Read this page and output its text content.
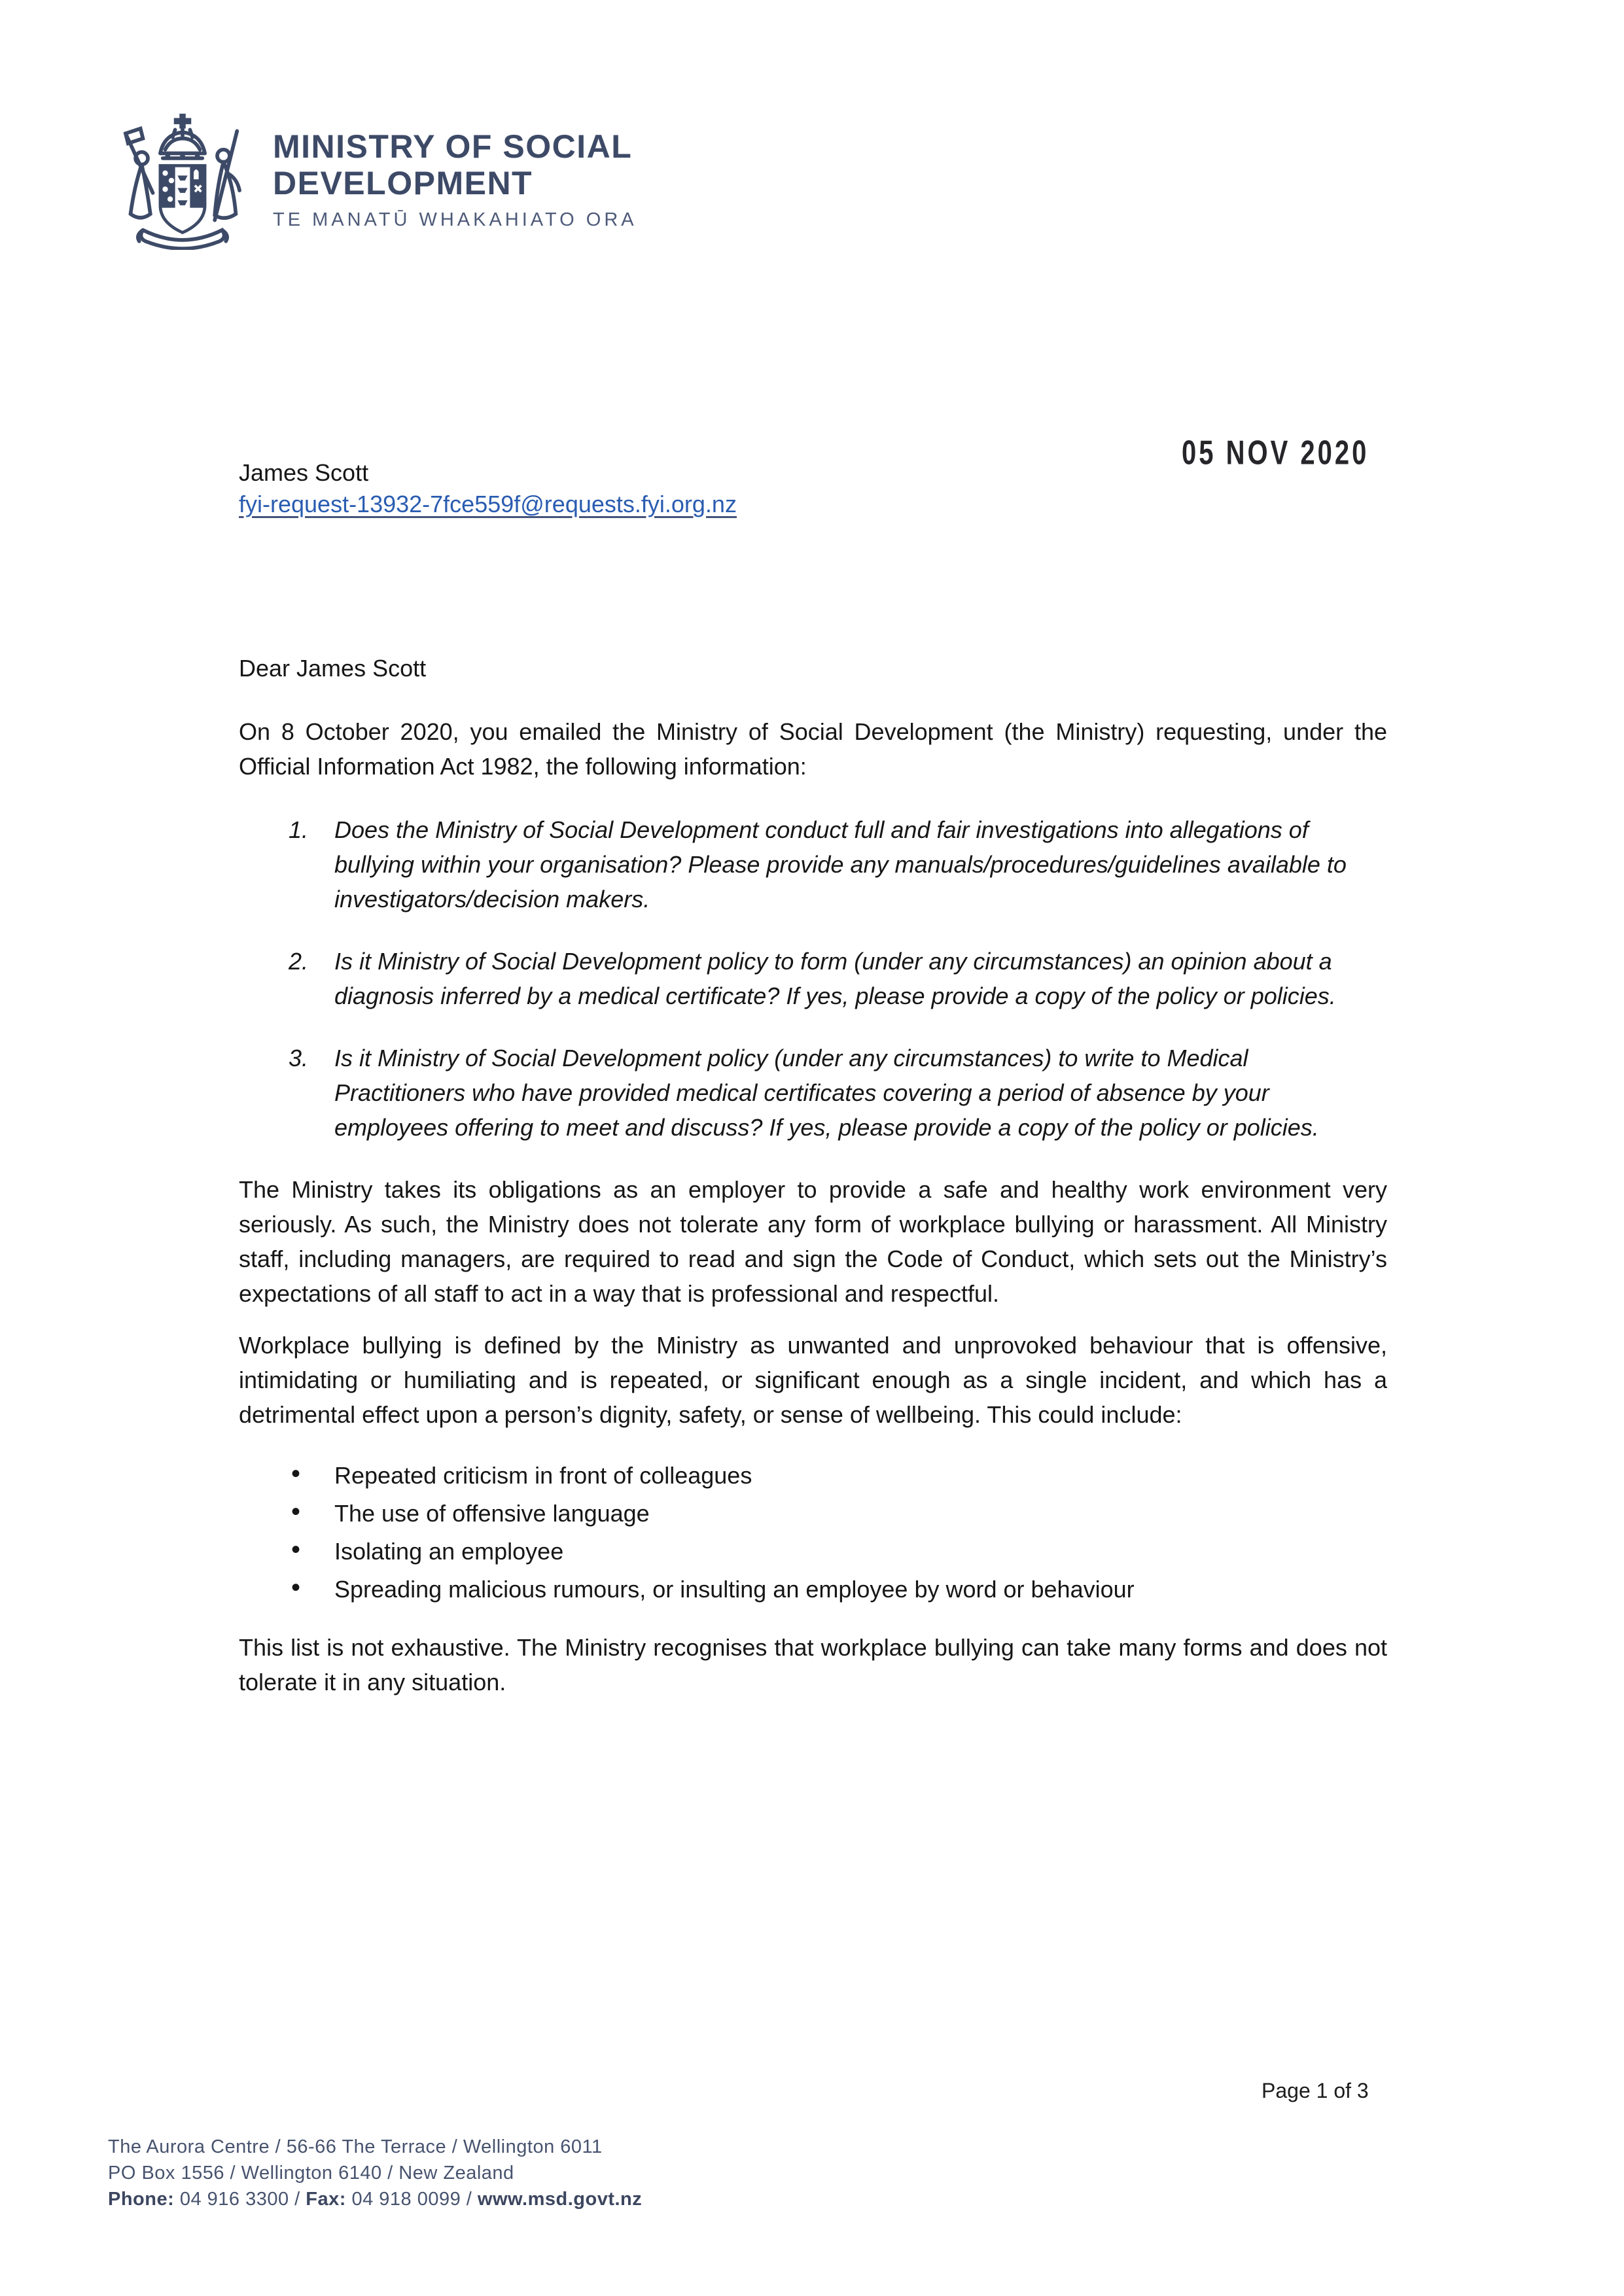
MINISTRY OF SOCIAL
DEVELOPMENT
TE MANATŪ WHAKAHIATO ORA
05 NOV 2020
James Scott
fyi-request-13932-7fce559f@requests.fyi.org.nz

Dear James Scott

On 8 October 2020, you emailed the Ministry of Social Development (the Ministry) requesting, under the Official Information Act 1982, the following information:

1. Does the Ministry of Social Development conduct full and fair investigations into allegations of bullying within your organisation? Please provide any manuals/procedures/guidelines available to investigators/decision makers.
2. Is it Ministry of Social Development policy to form (under any circumstances) an opinion about a diagnosis inferred by a medical certificate? If yes, please provide a copy of the policy or policies.
3. Is it Ministry of Social Development policy (under any circumstances) to write to Medical Practitioners who have provided medical certificates covering a period of absence by your employees offering to meet and discuss? If yes, please provide a copy of the policy or policies.

The Ministry takes its obligations as an employer to provide a safe and healthy work environment very seriously. As such, the Ministry does not tolerate any form of workplace bullying or harassment. All Ministry staff, including managers, are required to read and sign the Code of Conduct, which sets out the Ministry’s expectations of all staff to act in a way that is professional and respectful.

Workplace bullying is defined by the Ministry as unwanted and unprovoked behaviour that is offensive, intimidating or humiliating and is repeated, or significant enough as a single incident, and which has a detrimental effect upon a person’s dignity, safety, or sense of wellbeing. This could include:

• Repeated criticism in front of colleagues
• The use of offensive language
• Isolating an employee
• Spreading malicious rumours, or insulting an employee by word or behaviour

This list is not exhaustive. The Ministry recognises that workplace bullying can take many forms and does not tolerate it in any situation.

Page 1 of 3
The Aurora Centre / 56-66 The Terrace / Wellington 6011
PO Box 1556 / Wellington 6140 / New Zealand
Phone: 04 916 3300 / Fax: 04 918 0099 / www.msd.govt.nz
